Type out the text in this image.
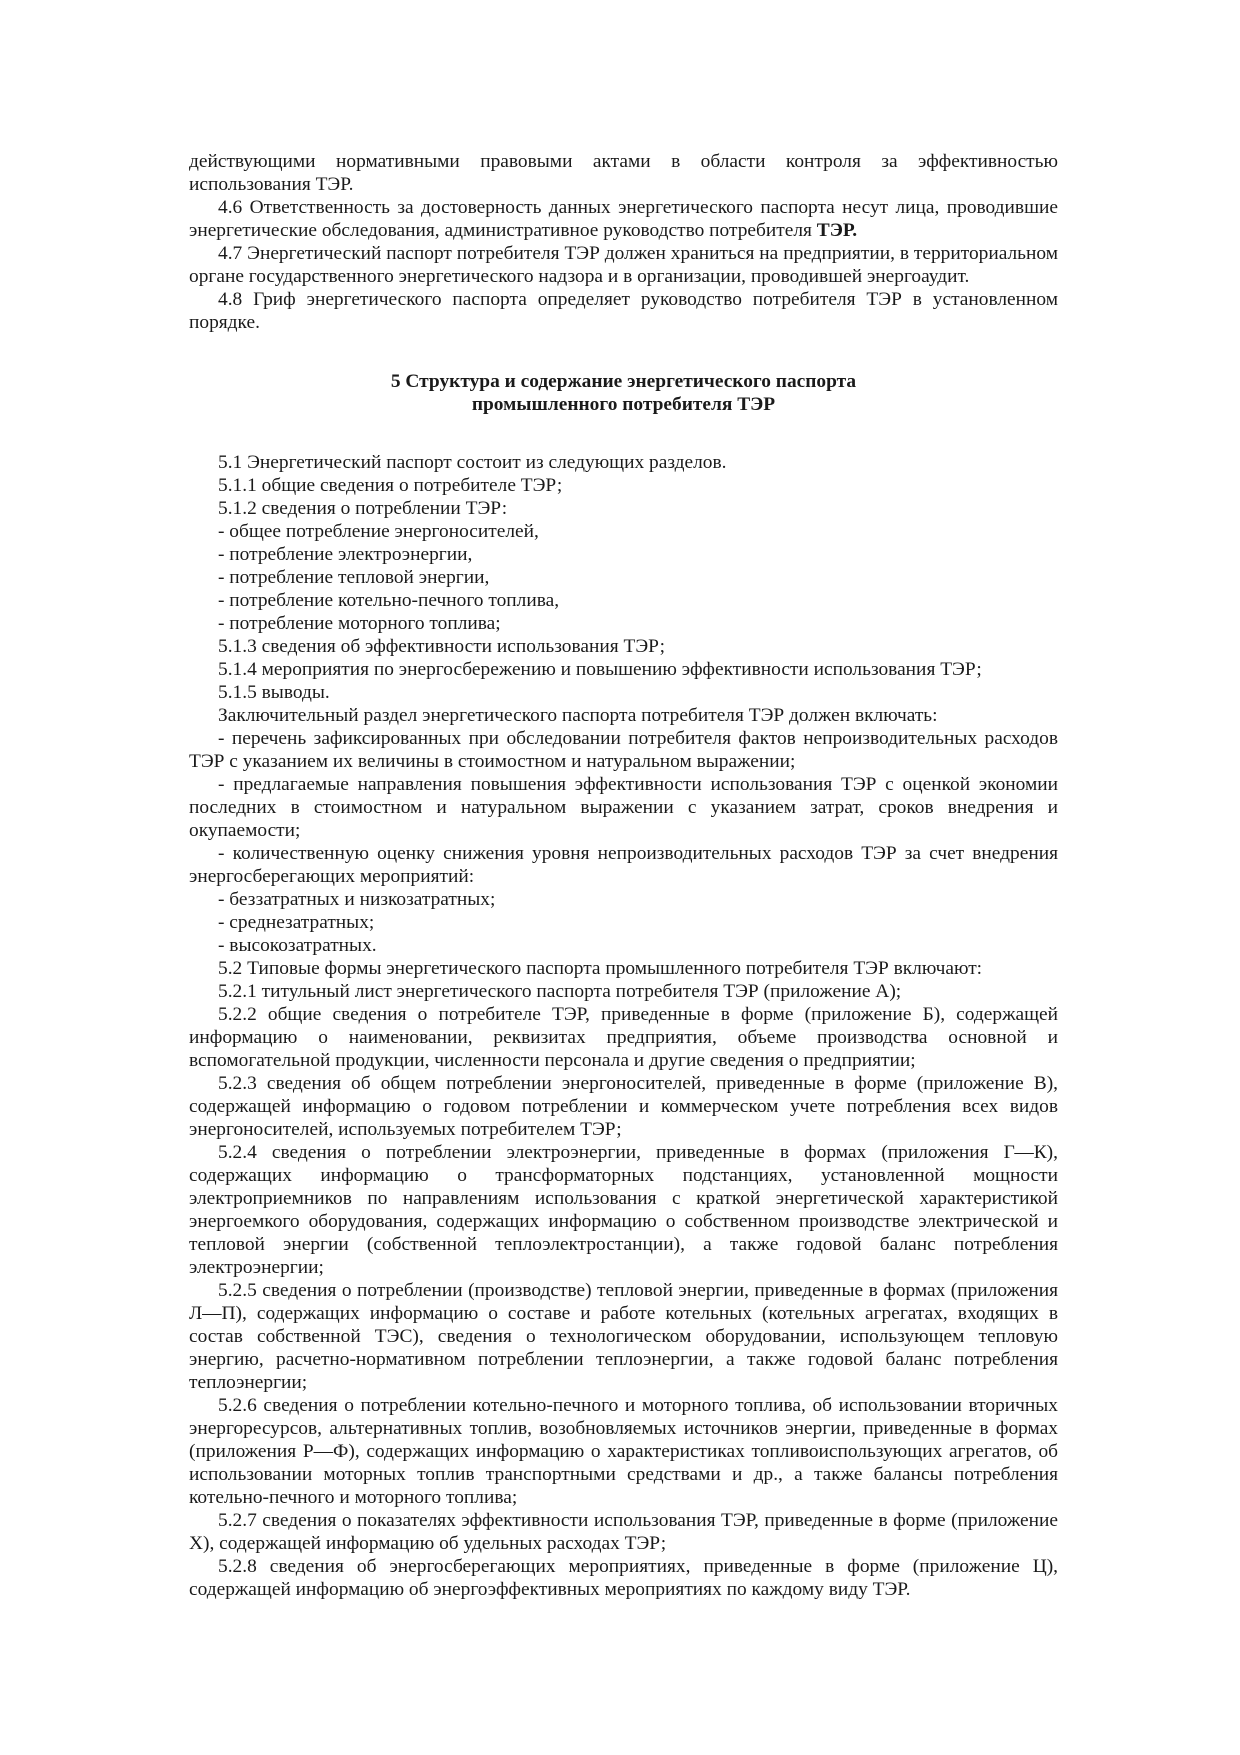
действующими нормативными правовыми актами в области контроля за эффективностью использования ТЭР.

4.6 Ответственность за достоверность данных энергетического паспорта несут лица, проводившие энергетические обследования, административное руководство потребителя ТЭР.

4.7 Энергетический паспорт потребителя ТЭР должен храниться на предприятии, в территориальном органе государственного энергетического надзора и в организации, проводившей энергоаудит.

4.8 Гриф энергетического паспорта определяет руководство потребителя ТЭР в установленном порядке.

5 Структура и содержание энергетического паспорта
промышленного потребителя ТЭР

5.1 Энергетический паспорт состоит из следующих разделов.

5.1.1 общие сведения о потребителе ТЭР;

5.1.2 сведения о потреблении ТЭР:

- общее потребление энергоносителей,

- потребление электроэнергии,

- потребление тепловой энергии,

- потребление котельно-печного топлива,

- потребление моторного топлива;

5.1.3 сведения об эффективности использования ТЭР;

5.1.4 мероприятия по энергосбережению и повышению эффективности использования ТЭР;

5.1.5 выводы.

Заключительный раздел энергетического паспорта потребителя ТЭР должен включать:

- перечень зафиксированных при обследовании потребителя фактов непроизводительных расходов ТЭР с указанием их величины в стоимостном и натуральном выражении;

- предлагаемые направления повышения эффективности использования ТЭР с оценкой экономии последних в стоимостном и натуральном выражении с указанием затрат, сроков внедрения и окупаемости;

- количественную оценку снижения уровня непроизводительных расходов ТЭР за счет внедрения энергосберегающих мероприятий:

- беззатратных и низкозатратных;

- среднезатратных;

- высокозатратных.

5.2 Типовые формы энергетического паспорта промышленного потребителя ТЭР включают:

5.2.1 титульный лист энергетического паспорта потребителя ТЭР (приложение А);

5.2.2 общие сведения о потребителе ТЭР, приведенные в форме (приложение Б), содержащей информацию о наименовании, реквизитах предприятия, объеме производства основной и вспомогательной продукции, численности персонала и другие сведения о предприятии;

5.2.3 сведения об общем потреблении энергоносителей, приведенные в форме (приложение В), содержащей информацию о годовом потреблении и коммерческом учете потребления всех видов энергоносителей, используемых потребителем ТЭР;

5.2.4 сведения о потреблении электроэнергии, приведенные в формах (приложения Г—К), содержащих информацию о трансформаторных подстанциях, установленной мощности электроприемников по направлениям использования с краткой энергетической характеристикой энергоемкого оборудования, содержащих информацию о собственном производстве электрической и тепловой энергии (собственной теплоэлектростанции), а также годовой баланс потребления электроэнергии;

5.2.5 сведения о потреблении (производстве) тепловой энергии, приведенные в формах (приложения Л—П), содержащих информацию о составе и работе котельных (котельных агрегатах, входящих в состав собственной ТЭС), сведения о технологическом оборудовании, использующем тепловую энергию, расчетно-нормативном потреблении теплоэнергии, а также годовой баланс потребления теплоэнергии;

5.2.6 сведения о потреблении котельно-печного и моторного топлива, об использовании вторичных энергоресурсов, альтернативных топлив, возобновляемых источников энергии, приведенные в формах (приложения Р—Ф), содержащих информацию о характеристиках топливоиспользующих агрегатов, об использовании моторных топлив транспортными средствами и др., а также балансы потребления котельно-печного и моторного топлива;

5.2.7 сведения о показателях эффективности использования ТЭР, приведенные в форме (приложение Х), содержащей информацию об удельных расходах ТЭР;

5.2.8 сведения об энергосберегающих мероприятиях, приведенные в форме (приложение Ц), содержащей информацию об энергоэффективных мероприятиях по каждому виду ТЭР.
